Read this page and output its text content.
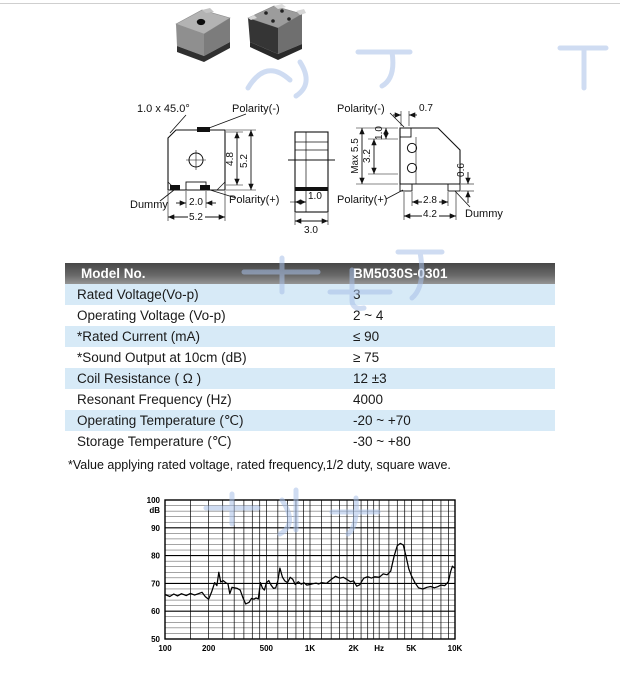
1.0 x 45.0°	Polarity(-)
Dummy	Polarity(+)
4.8 5.2
2.0
5.2
1.0
3.0
Polarity(-)	0.7
Max 5.5 3.2
1.0
0.6
2.8
4.2
Polarity(+)
Dummy
Model No.	BM5030S-0301
Rated Voltage(Vo-p)	3
Operating Voltage (Vo-p)	2 ~ 4
*Rated Current (mA)	≤ 90
*Sound Output at 10cm (dB)	≥ 75
Coil Resistance ( Ω )	12 ±3
Resonant Frequency (Hz)	4000
Operating Temperature (℃)	-20 ~ +70
Storage Temperature (℃)	-30 ~ +80
*Value applying rated voltage, rated frequency,1/2 duty, square wave.
100
90
80
70
60
50
dB
100	200	500	1K	2K Hz	5K	10K
